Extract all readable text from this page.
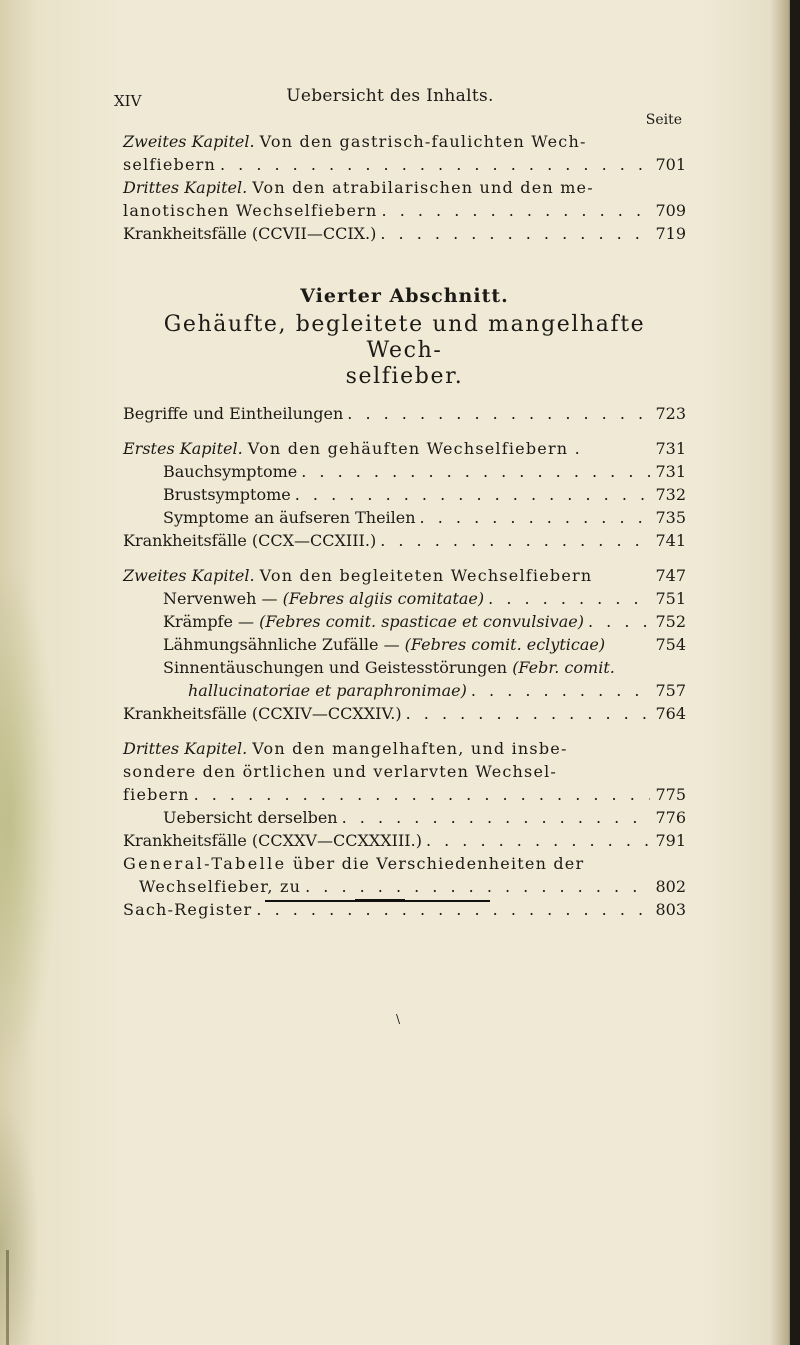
XIV	Uebersicht des Inhalts.
Seite
Zweites Kapitel. Von den gastrisch-faulichten Wech-
selfiebern . . .	701
Drittes Kapitel. Von den atrabilarischen und den me-
lanotischen Wechselfiebern . . .	709
Krankheitsfälle (CCVII—CCIX.) . . .	719
Vierter Abschnitt.
Gehäufte, begleitete und mangelhafte Wech-
selfieber.
Begriffe und Eintheilungen . . .	723
Erstes Kapitel. Von den gehäuften Wechselfiebern .	731
Bauchsymptome . . .	731
Brustsymptome . . .	732
Symptome an äufseren Theilen . . .	735
Krankheitsfälle (CCX—CCXIII.) . . .	741
Zweites Kapitel. Von den begleiteten Wechselfiebern	747
Nervenweh — (Febres algiis comitatae) . . .	751
Krämpfe — (Febres comit. spasticae et convulsivae) . . .	752
Lähmungsähnliche Zufälle — (Febres comit. eclyticae)	754
Sinnentäuschungen und Geistesstörungen (Febr. comit.
hallucinatoriae et paraphronimae) . . .	757
Krankheitsfälle (CCXIV—CCXXIV.) . . .	764
Drittes Kapitel. Von den mangelhaften, und insbe-
sondere den örtlichen und verlarvten Wechsel-
fiebern . . .	775
Uebersicht derselben . . .	776
Krankheitsfälle (CCXXV—CCXXXIII.) . . .	791
General-Tabelle über die Verschiedenheiten der
Wechselfieber, zu . . .	802
Sach-Register . . .	803
\
